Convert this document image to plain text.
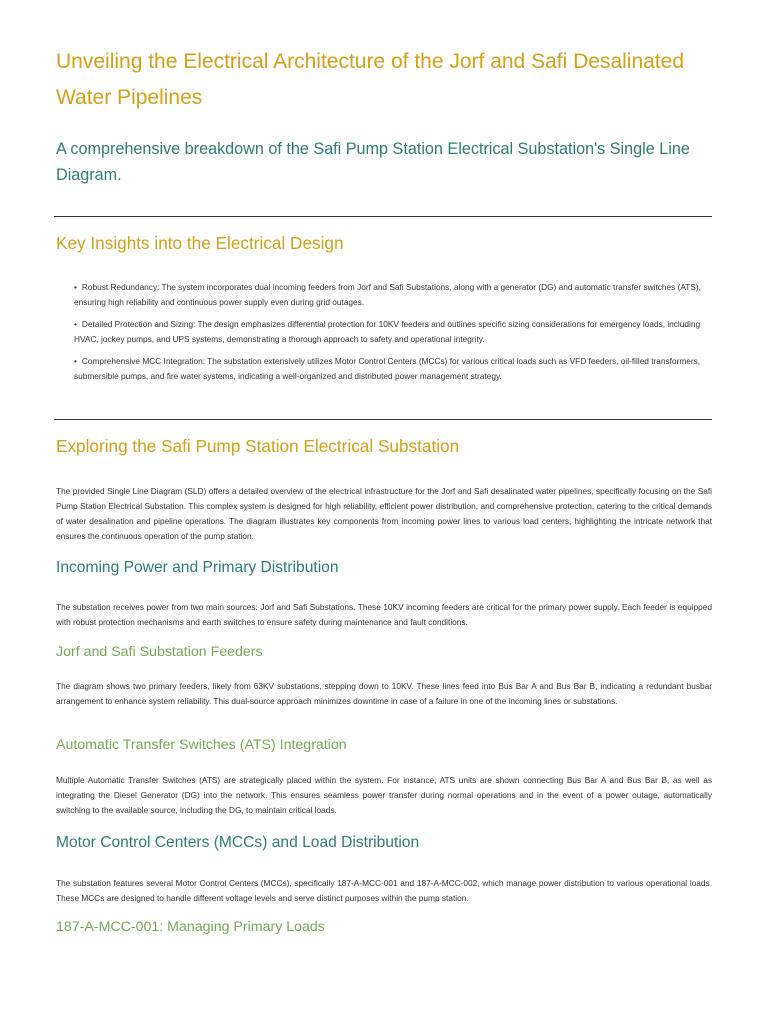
Unveiling the Electrical Architecture of the Jorf and Safi Desalinated Water Pipelines

A comprehensive breakdown of the Safi Pump Station Electrical Substation's Single Line Diagram.

Key Insights into the Electrical Design
• Robust Redundancy: The system incorporates dual incoming feeders from Jorf and Safi Substations, along with a generator (DG) and automatic transfer switches (ATS), ensuring high reliability and continuous power supply even during grid outages.
• Detailed Protection and Sizing: The design emphasizes differential protection for 10KV feeders and outlines specific sizing considerations for emergency loads, including HVAC, jockey pumps, and UPS systems, demonstrating a thorough approach to safety and operational integrity.
• Comprehensive MCC Integration: The substation extensively utilizes Motor Control Centers (MCCs) for various critical loads such as VFD feeders, oil-filled transformers, submersible pumps, and fire water systems, indicating a well-organized and distributed power management strategy.
Exploring the Safi Pump Station Electrical Substation

The provided Single Line Diagram (SLD) offers a detailed overview of the electrical infrastructure for the Jorf and Safi desalinated water pipelines, specifically focusing on the Safi Pump Station Electrical Substation. This complex system is designed for high reliability, efficient power distribution, and comprehensive protection, catering to the critical demands of water desalination and pipeline operations. The diagram illustrates key components from incoming power lines to various load centers, highlighting the intricate network that ensures the continuous operation of the pump station.

Incoming Power and Primary Distribution

The substation receives power from two main sources: Jorf and Safi Substations. These 10KV incoming feeders are critical for the primary power supply. Each feeder is equipped with robust protection mechanisms and earth switches to ensure safety during maintenance and fault conditions.

Jorf and Safi Substation Feeders

The diagram shows two primary feeders, likely from 63KV substations, stepping down to 10KV. These lines feed into Bus Bar A and Bus Bar B, indicating a redundant busbar arrangement to enhance system reliability. This dual-source approach minimizes downtime in case of a failure in one of the incoming lines or substations.

Automatic Transfer Switches (ATS) Integration

Multiple Automatic Transfer Switches (ATS) are strategically placed within the system. For instance, ATS units are shown connecting Bus Bar A and Bus Bar B, as well as integrating the Diesel Generator (DG) into the network. This ensures seamless power transfer during normal operations and in the event of a power outage, automatically switching to the available source, including the DG, to maintain critical loads.

Motor Control Centers (MCCs) and Load Distribution

The substation features several Motor Control Centers (MCCs), specifically 187-A-MCC-001 and 187-A-MCC-002, which manage power distribution to various operational loads. These MCCs are designed to handle different voltage levels and serve distinct purposes within the pump station.

187-A-MCC-001: Managing Primary Loads
